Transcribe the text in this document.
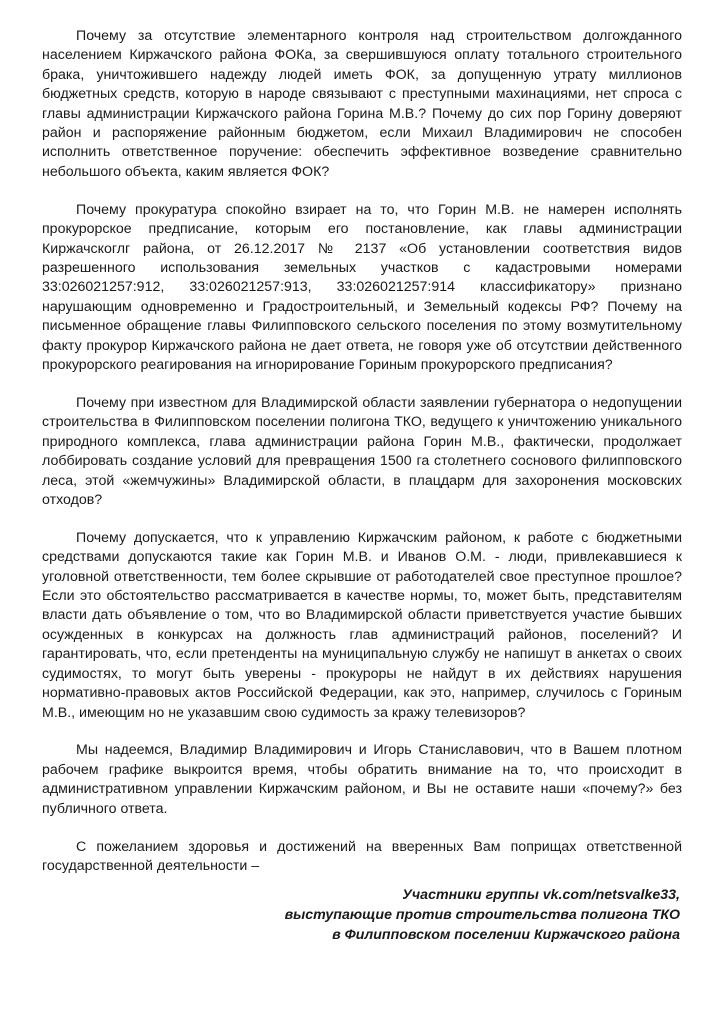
Почему за отсутствие элементарного контроля над строительством долгожданного населением Киржачского района ФОКа, за свершившуюся оплату тотального строительного брака, уничтожившего надежду людей иметь ФОК, за допущенную утрату миллионов бюджетных средств, которую в народе связывают с преступными махинациями, нет спроса с главы администрации Киржачского района Горина М.В.? Почему до сих пор Горину доверяют район и распоряжение районным бюджетом, если Михаил Владимирович не способен исполнить ответственное поручение: обеспечить эффективное возведение сравнительно небольшого объекта, каким является ФОК?

Почему прокуратура спокойно взирает на то, что Горин М.В. не намерен исполнять прокурорское предписание, которым его постановление, как главы администрации Киржачскоглг района, от 26.12.2017 № 2137 «Об установлении соответствия видов разрешенного использования земельных участков с кадастровыми номерами 33:026021257:912, 33:026021257:913, 33:026021257:914 классификатору» признано нарушающим одновременно и Градостроительный, и Земельный кодексы РФ? Почему на письменное обращение главы Филипповского сельского поселения по этому возмутительному факту прокурор Киржачского района не дает ответа, не говоря уже об отсутствии действенного прокурорского реагирования на игнорирование Гориным прокурорского предписания?

Почему при известном для Владимирской области заявлении губернатора о недопущении строительства в Филипповском поселении полигона ТКО, ведущего к уничтожению уникального природного комплекса, глава администрации района Горин М.В., фактически, продолжает лоббировать создание условий для превращения 1500 га столетнего соснового филипповского леса, этой «жемчужины» Владимирской области, в плацдарм для захоронения московских отходов?

Почему допускается, что к управлению Киржачским районом, к работе с бюджетными средствами допускаются такие как Горин М.В. и Иванов О.М. - люди, привлекавшиеся к уголовной ответственности, тем более скрывшие от работодателей свое преступное прошлое? Если это обстоятельство рассматривается в качестве нормы, то, может быть, представителям власти дать объявление о том, что во Владимирской области приветствуется участие бывших осужденных в конкурсах на должность глав администраций районов, поселений? И гарантировать, что, если претенденты на муниципальную службу не напишут в анкетах о своих судимостях, то могут быть уверены - прокуроры не найдут в их действиях нарушения нормативно-правовых актов Российской Федерации, как это, например, случилось с Гориным М.В., имеющим но не указавшим свою судимость за кражу телевизоров?

Мы надеемся, Владимир Владимирович и Игорь Станиславович, что в Вашем плотном рабочем графике выкроится время, чтобы обратить внимание на то, что происходит в административном управлении Киржачским районом, и Вы не оставите наши «почему?» без публичного ответа.

С пожеланием здоровья и достижений на вверенных Вам поприщах ответственной государственной деятельности –

Участники группы vk.com/netsvalke33,
выступающие против строительства полигона ТКО
в Филипповском поселении Киржачского района
